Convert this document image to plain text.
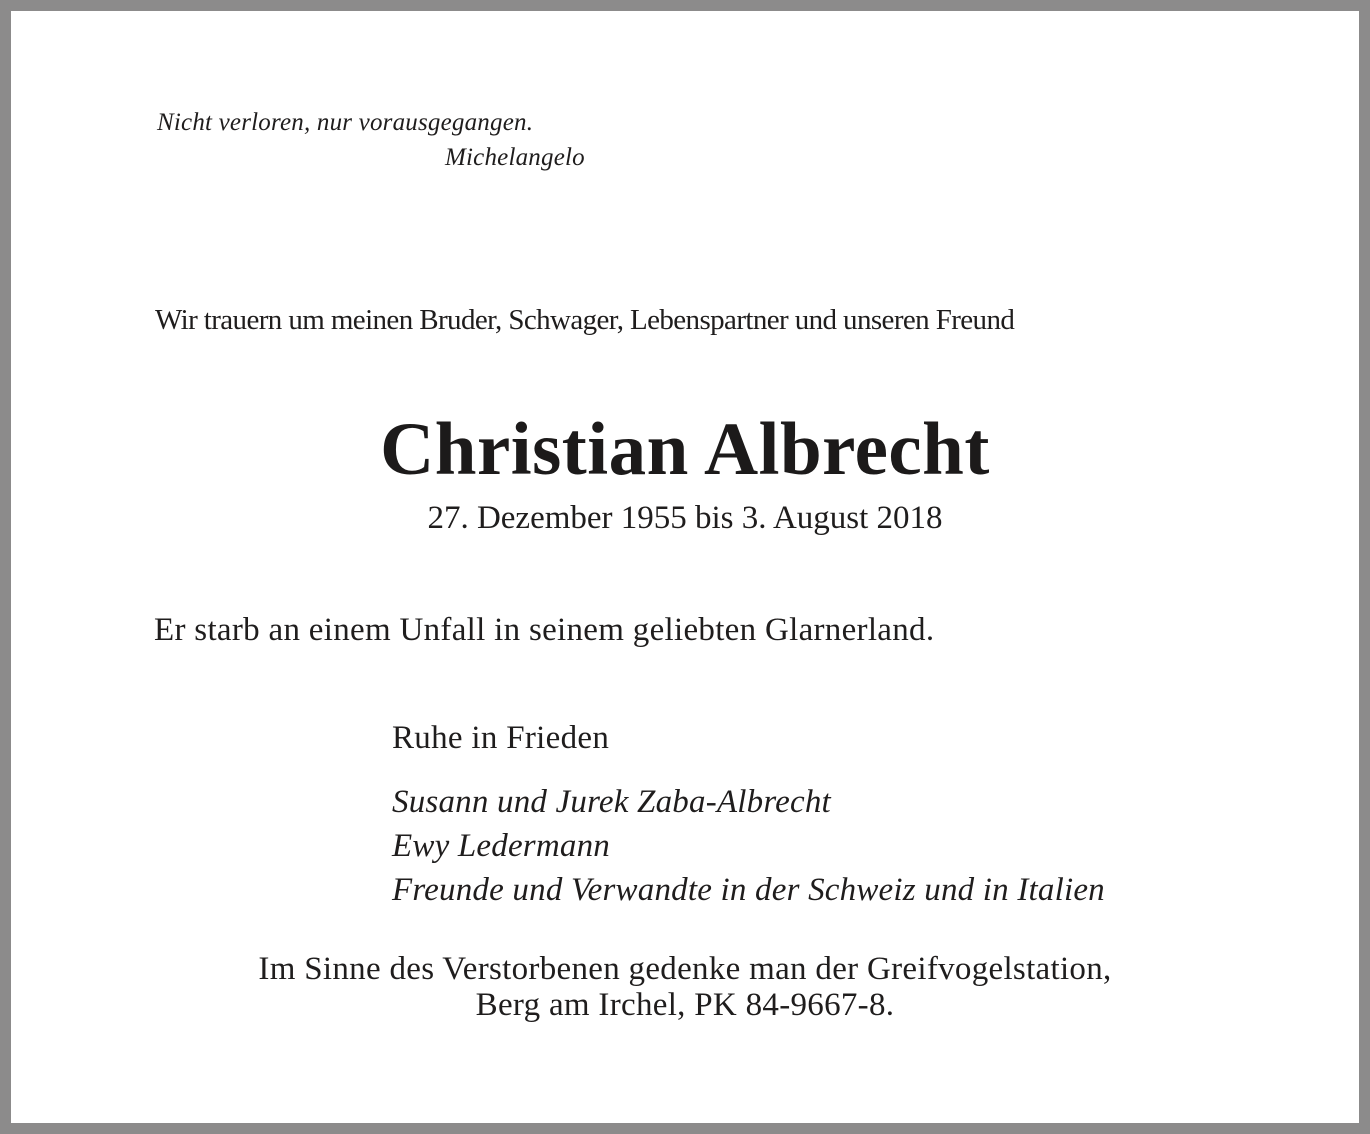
Nicht verloren, nur vorausgegangen.
Michelangelo
Wir trauern um meinen Bruder, Schwager, Lebenspartner und unseren Freund
Christian Albrecht
27. Dezember 1955 bis 3. August 2018
Er starb an einem Unfall in seinem geliebten Glarnerland.
Ruhe in Frieden
Susann und Jurek Zaba-Albrecht
Ewy Ledermann
Freunde und Verwandte in der Schweiz und in Italien
Im Sinne des Verstorbenen gedenke man der Greifvogelstation,
Berg am Irchel, PK 84-9667-8.
